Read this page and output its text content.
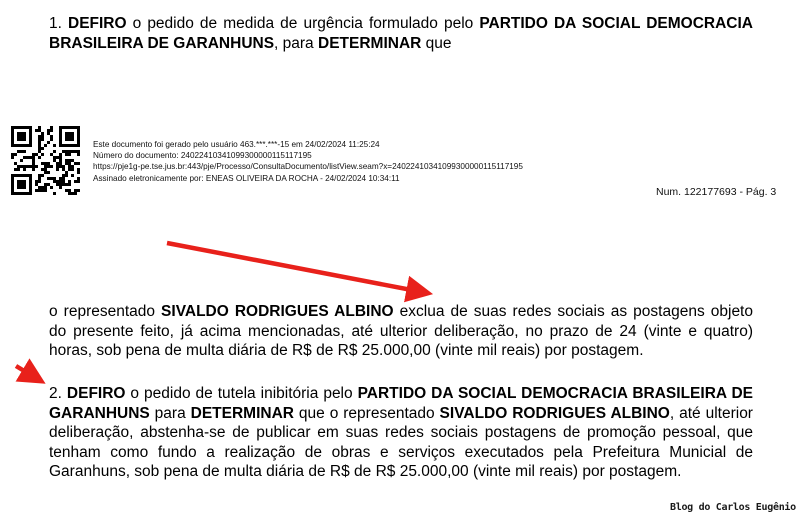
1. DEFIRO o pedido de medida de urgência formulado pelo PARTIDO DA SOCIAL DEMOCRACIA BRASILEIRA DE GARANHUNS, para DETERMINAR que

Este documento foi gerado pelo usuário 463.***.***-15 em 24/02/2024 11:25:24
Número do documento: 24022410341099300000115117195
https://pje1g-pe.tse.jus.br:443/pje/Processo/ConsultaDocumento/listView.seam?x=24022410341099300000115117195
Assinado eletronicamente por: ENEAS OLIVEIRA DA ROCHA - 24/02/2024 10:34:11
Num. 122177693 - Pág. 3

o representado SIVALDO RODRIGUES ALBINO exclua de suas redes sociais as postagens objeto do presente feito, já acima mencionadas, até ulterior deliberação, no prazo de 24 (vinte e quatro) horas, sob pena de multa diária de R$ de R$ 25.000,00 (vinte mil reais) por postagem.

2. DEFIRO o pedido de tutela inibitória pelo PARTIDO DA SOCIAL DEMOCRACIA BRASILEIRA DE GARANHUNS para DETERMINAR que o representado SIVALDO RODRIGUES ALBINO, até ulterior deliberação, abstenha-se de publicar em suas redes sociais postagens de promoção pessoal, que tenham como fundo a realização de obras e serviços executados pela Prefeitura Municial de Garanhuns, sob pena de multa diária de R$ de R$ 25.000,00 (vinte mil reais) por postagem.

Blog do Carlos Eugênio
